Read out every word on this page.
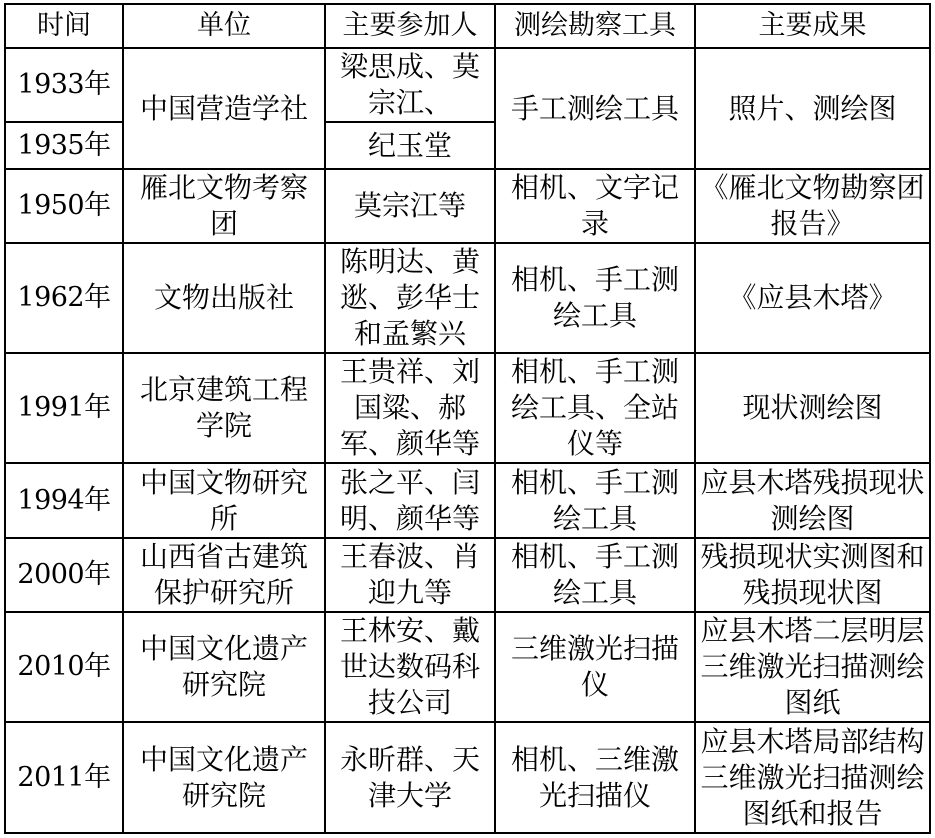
时间	单位	主要参加人	测绘勘察工具	主要成果
1933年	中国营造学社	梁思成、莫宗江、	手工测绘工具	照片、测绘图
1935年		纪玉堂		
1950年	雁北文物考察团	莫宗江等	相机、文字记录	《雁北文物勘察团报告》
1962年	文物出版社	陈明达、黄逖、彭华士和孟繁兴	相机、手工测绘工具	《应县木塔》
1991年	北京建筑工程学院	王贵祥、刘国粱、郝军、颜华等	相机、手工测绘工具、全站仪等	现状测绘图
1994年	中国文物研究所	张之平、闫明、颜华等	相机、手工测绘工具	应县木塔残损现状测绘图
2000年	山西省古建筑保护研究所	王春波、肖迎九等	相机、手工测绘工具	残损现状实测图和残损现状图
2010年	中国文化遗产研究院	王林安、戴世达数码科技公司	三维激光扫描仪	应县木塔二层明层三维激光扫描测绘图纸
2011年	中国文化遗产研究院	永昕群、天津大学	相机、三维激光扫描仪	应县木塔局部结构三维激光扫描测绘图纸和报告
